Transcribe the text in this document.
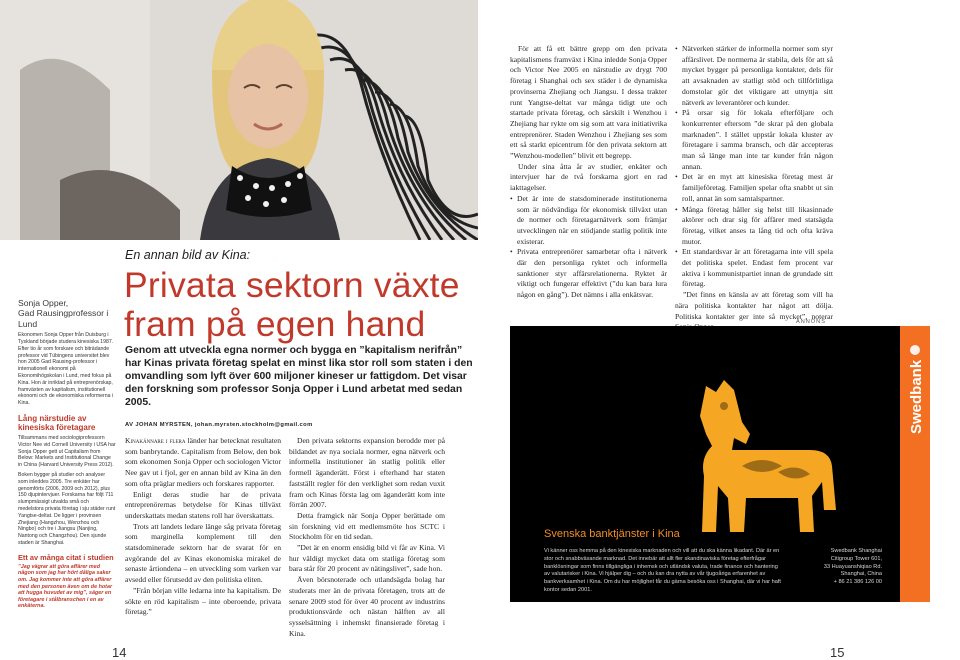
Sonja Opper,
Gad Rausingprofessor i Lund
Ekonomen Sonja Opper från Duisburg i Tyskland började studera kinesiska 1987. Efter tio år som forskare och biträdande professor vid Tübingens universitet blev hon 2005 Gad Rausing-professor i internationell ekonomi på Ekonomihögskolan i Lund, med fokus på Kina. Hon är inriktad på entreprenörskap, framväxten av kapitalism, institutionell ekonomi och de ekonomiska reformerna i Kina.
Lång närstudie av kinesiska företagare
Tillsammans med sociologiprofessorn Victor Nee vid Cornell University i USA har Sonja Opper gett ut Capitalism from Below: Markets and Institutional Change in China (Harvard University Press 2012).
Boken bygger på studier och analyser som inleddes 2005. Tre enkäter har genomförts (2006, 2009 och 2012), plus 150 djupintervjuer. Forskarna har följt 711 slumpmässigt utvalda små och medelstora privata företag i sju städer runt Yangtse-deltat. De ligger i provinsen Zhejiang (Hangzhou, Wenzhou och Ningbo) och tre i Jiangsu (Nanjing, Nantong och Changzhou). Den sjunde staden är Shanghai.
Ett av många citat i studien
”Jag vägrar att göra affärer med någon som jag har hört dåliga saker om. Jag kommer inte att göra affärer med den personen även om de hotar att hugga huvudet av mig”, säger en företagare i stålbranschen i en av enkäterna.
En annan bild av Kina:
Privata sektorn växte fram på egen hand
Genom att utveckla egna normer och bygga en ”kapitalism nerifrån” har Kinas privata företag spelat en minst lika stor roll som staten i den omvandling som lyft över 600 miljoner kineser ur fattigdom. Det visar den forskning som professor Sonja Opper i Lund arbetat med sedan 2005.
AV JOHAN MYRSTEN, johan.myrsten.stockholm@gmail.com

Kinakännare i flera länder har betecknat resultaten som banbrytande. Capitalism from Below, den bok som ekonomen Sonja Opper och sociologen Victor Nee gav ut i fjol, ger en annan bild av Kina än den som ofta präglar mediers och forskares rapporter.

Enligt deras studie har de privata entreprenörernas betydelse för Kinas tillväxt underskattats medan statens roll har överskattats.

Trots att landets ledare länge såg privata företag som marginella komplement till den statsdominerade sektorn har de svarat för en avgörande del av Kinas ekonomiska mirakel de senaste årtiondena – en utveckling som varken var avsedd eller förutsedd av den politiska eliten.

”Från början ville ledarna inte ha kapitalism. De sökte en röd kapitalism – inte oberoende, privata företag.”

Den privata sektorns expansion berodde mer på bildandet av nya sociala normer, egna nätverk och informella institutioner än statlig politik eller formell äganderätt. Först i efterhand har staten fastställt regler för den verklighet som redan vuxit fram och Kinas första lag om äganderätt kom inte förrän 2007.

Detta framgick när Sonja Opper berättade om sin forskning vid ett medlemsmöte hos SCTC i Stockholm för en tid sedan.

”Det är en enorm ensidig bild vi får av Kina. Vi hur väldigt mycket data om statliga företag som bara står för 20 procent av nätingslivet”, sade hon.

Även börsnoterade och utlandsägda bolag har studerats mer än de privata företagen, trots att de senare 2009 stod för över 40 procent av industrins produktionsvärde och nästan hälften av all sysselsättning i inhemskt finansierade företag i Kina.

För att få ett bättre grepp om den privata kapitalismens framväxt i Kina inledde Sonja Opper och Victor Nee 2005 en närstudie av drygt 700 företag i Shanghai och sex städer i de dynamiska provinserna Zhejiang och Jiangsu. I dessa trakter runt Yangtse-deltat var många tidigt ute och startade privata företag, och särskilt i Wenzhou i Zhejiang har rykte om sig som att vara initiativrika entreprenörer. Staden Wenzhou i Zhejiang ses som ett så starkt epicentrum för den privata sektorn att ”Wenzhou-modellen” blivit ett begrepp.

Under sina åtta år av studier, enkäter och intervjuer har de två forskarna gjort en rad iakttagelser.

• Det är inte de statsdominerade institutionerna som är nödvändiga för ekonomisk tillväxt utan de normer och företagarnätverk som främjar utvecklingen när en stödjande statlig politik inte existerar.
• Privata entreprenörer samarbetar ofta i nätverk där den personliga ryktet och informella sanktioner styr affärsrelationerna. Ryktet är viktigt och fungerar effektivt (”du kan bara lura någon en gång”). Det nämns i alla enkätsvar.
• Nätverken stärker de informella normer som styr affärslivet. De normerna är stabila, dels för att så mycket bygger på personliga kontakter, dels för att avsaknaden av statligt stöd och tillförlitliga domstolar gör det viktigare att utnyttja sitt nätverk av leverantörer och kunder.
• På orsar sig för lokala efterföljare och konkurrenter eftersom ”de skrar på den globala marknaden”. I stället uppstår lokala kluster av företagare i samma bransch, och där accepteras man så länge man inte tar kunder från någon annan.
• Det är en myt att kinesiska företag mest är familjeföretag. Familjen spelar ofta snabbt ut sin roll, annat än som samtalspartner.
• Många företag håller sig helst till likasinnade aktörer och drar sig för affärer med statsägda företag, vilket anses ta lång tid och ofta kräva mutor.
• Ett standardsvar är att företagarna inte vill spela det politiska spelet. Endast fem procent var aktiva i kommunistpartiet innan de grundade sitt företag.

”Det finns en känsla av att företag som vill ha nära politiska kontakter har något att dölja. Politiska kontakter ger inte så mycket”, noterar

ANNONS
Swedbank
Svenska banktjänster i Kina
Vi känner oss hemma på den kinesiska marknaden och vill att du ska känna likadant. Där är en stor och snabbväxande marknad. Det innebär att allt fler skandinaviska företag efterfrågar banklösningar som finns tillgängliga i inhemsk och utländsk valuta, trade finance och hantering av valutarisker i Kina. Vi hjälper dig – och du kan dra nytta av vår tjugoåriga erfarenhet av bankverksamhet i Kina. Om du har möjlighet får du gärna besöka oss i Shanghai, där vi har haft kontor sedan 2001.
Swedbank Shanghai
Citigroup Tower 601,
33 Huayuanshiqiao Rd.
Shanghai, China
+ 86 21 386 126 00
14	15
